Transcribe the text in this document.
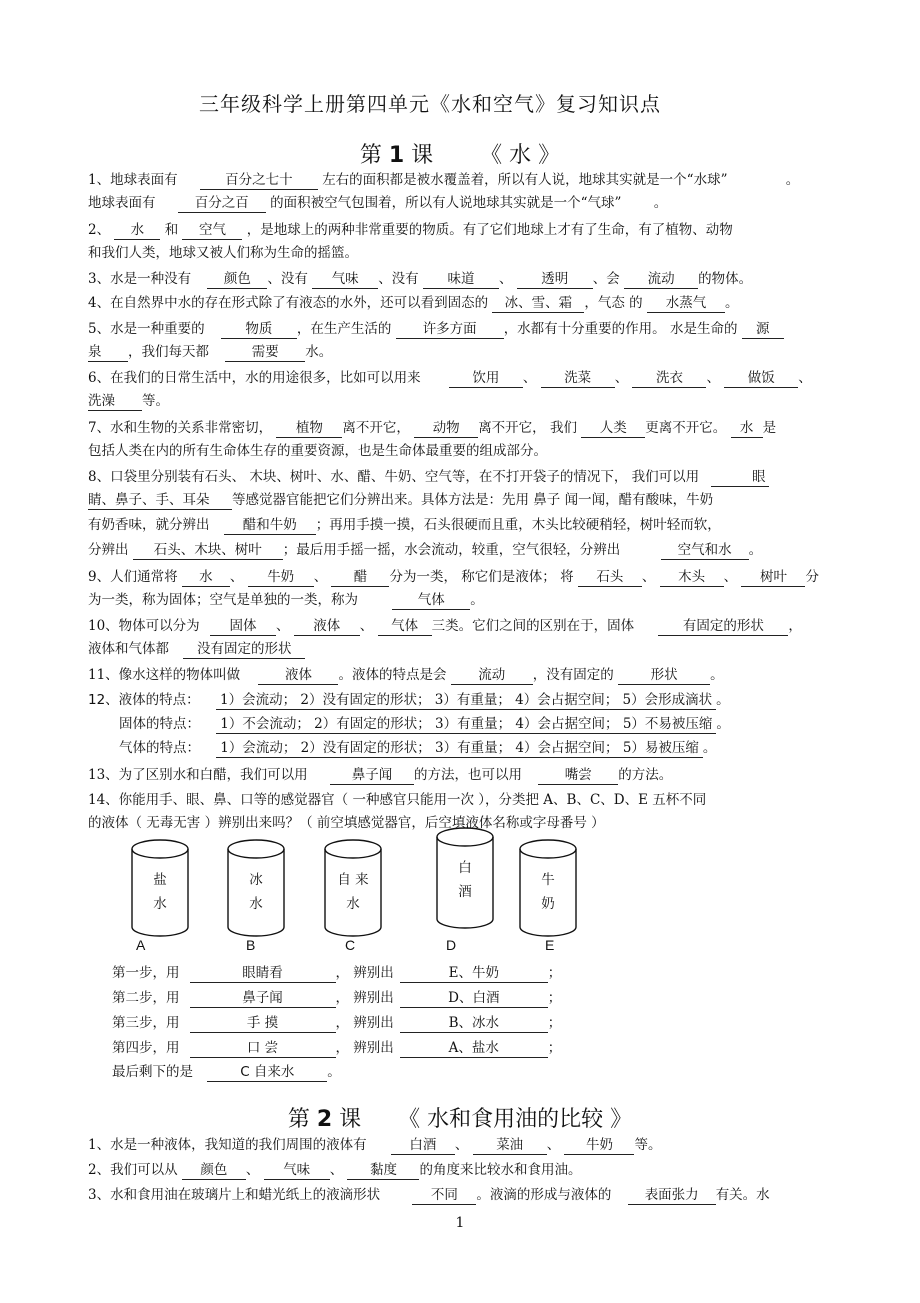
三年级科学上册第四单元《水和空气》复习知识点
第 1 课 《 水 》
1、地球表面有	百分之七十 左右的面积都是被水覆盖着，所以有人说，地球其实就是一个“水球”	。
地球表面有	百分之百 的面积被空气包围着，所以有人说地球其实就是一个“气球” 。
2、 水 和 空气 ，是地球上的两种非常重要的物质。有了它们地球上才有了生命，有了植物、动物
和我们人类，地球又被人们称为生命的摇篮。
3、水是一种没有 颜色 、没有 气味 、没有 味道 、 透明 、会 流动 的物体。
4、在自然界中水的存在形式除了有液态的水外，还可以看到固态的 冰、雪、霜 ，气态 的 水蒸气 。
5、水是一种重要的	物质 ，在生产生活的 许多方面 ，水都有十分重要的作用。 水是生命的 源
泉 ，我们每天都	需要 水。
6、在我们的日常生活中，水的用途很多，比如可以用来	饮用 、 洗菜 、 洗衣 、 做饭 、
洗澡 等。
7、水和生物的关系非常密切， 植物 离不开它， 动物 离不开它， 我们 人类 更离不开它。 水 是
包括人类在内的所有生命体生存的重要资源，也是生命体最重要的组成部分。
8、口袋里分别装有石头、 木块、树叶、水、醋、牛奶、空气等，在不打开袋子的情况下， 我们可以用	眼
睛、鼻子、手、耳朵 等感觉器官能把它们分辨出来。具体方法是：先用 鼻子 闻一闻，醋有酸味，牛奶
有奶香味，就分辨出 醋和牛奶 ；再用手摸一摸，石头很硬而且重，木头比较硬稍轻，树叶轻而软，
分辨出 石头、木块、树叶 ；最后用手摇一摇，水会流动，较重，空气很轻，分辨出	空气和水 。
9、人们通常将 水 、 牛奶 、 醋 分为一类， 称它们是液体； 将 石头 、 木头 、 树叶 分
为一类，称为固体；空气是单独的一类，称为	气体 。
10、物体可以分为 固体 、 液体 、 气体 三类。它们之间的区别在于，固体	有固定的形状 ，
液体和气体都 没有固定的形状
11、像水这样的物体叫做	液体 。液体的特点是会 流动 ，没有固定的	形状 。
12、液体的特点： 1）会流动； 2）没有固定的形状； 3）有重量； 4）会占据空间； 5）会形成滴状 。
固体的特点： 1）不会流动； 2）有固定的形状； 3）有重量； 4）会占据空间； 5）不易被压缩 。
气体的特点： 1）会流动； 2）没有固定的形状； 3）有重量； 4）会占据空间； 5）易被压缩 。
13、为了区别水和白醋，我们可以用	鼻子闻 的方法，也可以用	嘴尝 的方法。
14、你能用手、眼、鼻、口等的感觉器官（ 一种感官只能用一次 ），分类把 A、B、C、D、E 五杯不同
的液体（ 无毒无害 ）辨别出来吗？（ 前空填感觉器官，后空填液体名称或字母番号 ）
盐
水
A
冰
水
B
自 来
水
C
白
酒
D
牛
奶
E
第一步，用	眼睛看	， 辨别出	E、牛奶	；
第二步，用	鼻子闻	， 辨别出	D、白酒	；
第三步，用	手 摸	， 辨别出	B、冰水	；
第四步，用	口 尝	， 辨别出	A、盐水	；
最后剩下的是	C 自来水 。
第 2 课 《 水和食用油的比较 》
1、水是一种液体，我知道的我们周围的液体有	白酒 、 菜油 、 牛奶 等。
2、我们可以从 颜色 、 气味 、 黏度 的角度来比较水和食用油。
3、水和食用油在玻璃片上和蜡光纸上的液滴形状	不同 。液滴的形成与液体的 表面张力 有关。水
1
